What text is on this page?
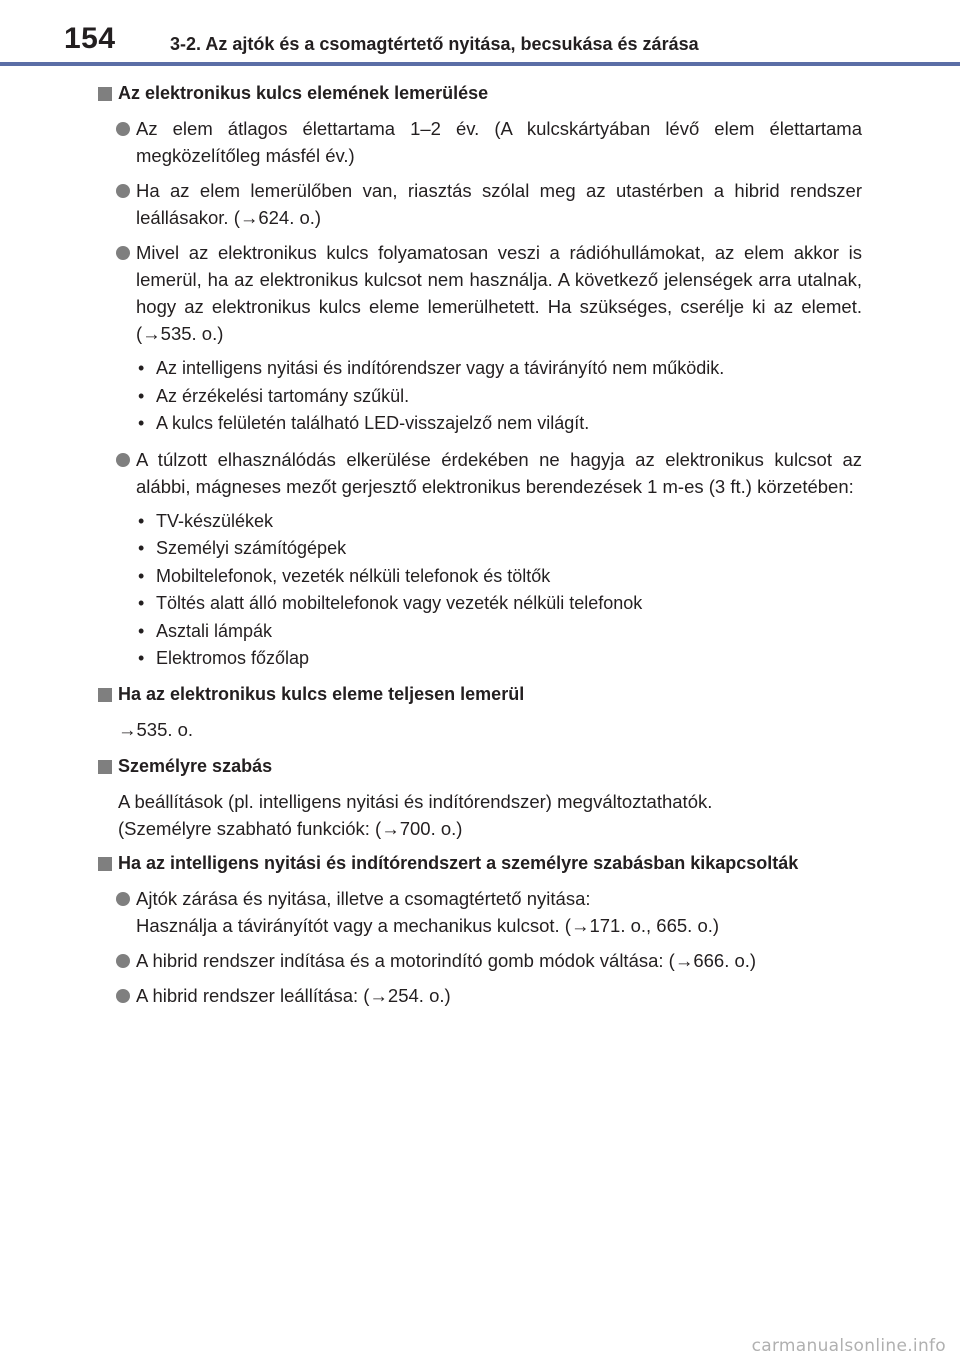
154	3-2. Az ajtók és a csomagtértető nyitása, becsukása és zárása
Az elektronikus kulcs elemének lemerülése
Az elem átlagos élettartama 1–2 év. (A kulcskártyában lévő elem élettartama megközelítőleg másfél év.)
Ha az elem lemerülőben van, riasztás szólal meg az utastérben a hibrid rendszer leállásakor. (→624. o.)
Mivel az elektronikus kulcs folyamatosan veszi a rádióhullámokat, az elem akkor is lemerül, ha az elektronikus kulcsot nem használja. A következő jelenségek arra utalnak, hogy az elektronikus kulcs eleme lemerülhetett. Ha szükséges, cserélje ki az elemet. (→535. o.)
• Az intelligens nyitási és indítórendszer vagy a távirányító nem működik.
• Az érzékelési tartomány szűkül.
• A kulcs felületén található LED-visszajelző nem világít.
A túlzott elhasználódás elkerülése érdekében ne hagyja az elektronikus kulcsot az alábbi, mágneses mezőt gerjesztő elektronikus berendezések 1 m-es (3 ft.) körzetében:
• TV-készülékek
• Személyi számítógépek
• Mobiltelefonok, vezeték nélküli telefonok és töltők
• Töltés alatt álló mobiltelefonok vagy vezeték nélküli telefonok
• Asztali lámpák
• Elektromos főzőlap
Ha az elektronikus kulcs eleme teljesen lemerül
→535. o.
Személyre szabás
A beállítások (pl. intelligens nyitási és indítórendszer) megváltoztathatók.
(Személyre szabható funkciók: (→700. o.)
Ha az intelligens nyitási és indítórendszert a személyre szabásban kikapcsolták
Ajtók zárása és nyitása, illetve a csomagtértető nyitása:
Használja a távirányítót vagy a mechanikus kulcsot. (→171. o., 665. o.)
A hibrid rendszer indítása és a motorindító gomb módok váltása: (→666. o.)
A hibrid rendszer leállítása: (→254. o.)
carmanualsonline.info
